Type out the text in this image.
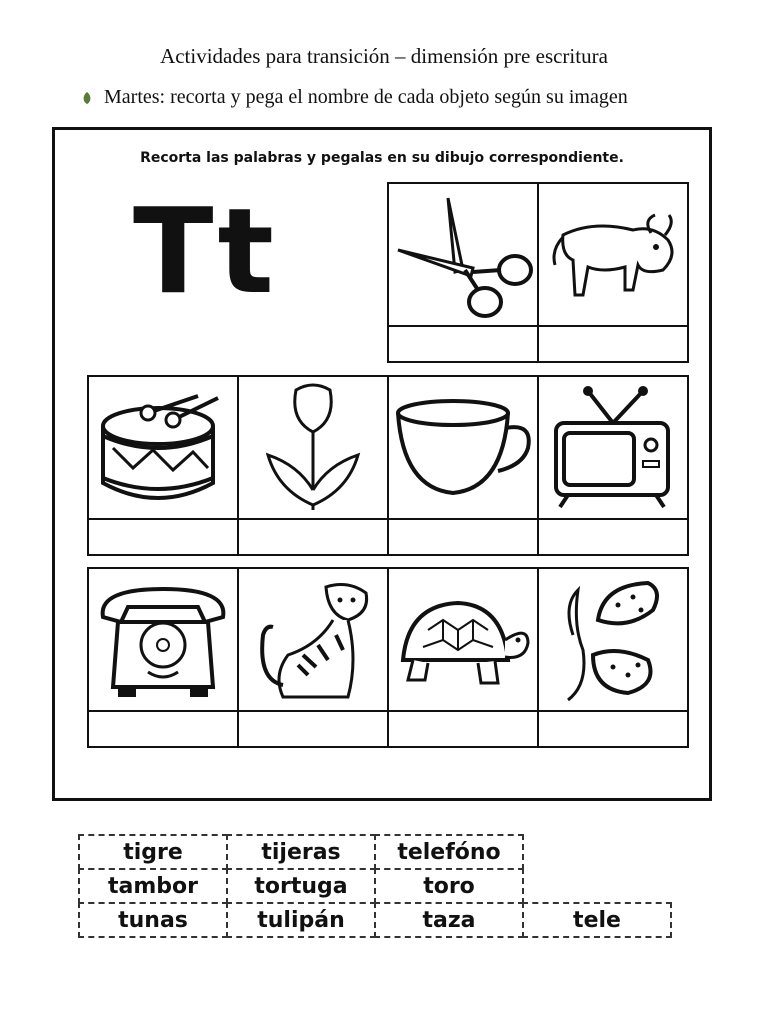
Actividades para transición – dimensión pre escritura
Martes: recorta y pega el nombre de cada objeto según su imagen
Recorta las palabras y pegalas en su dibujo correspondiente.
Tt
tigre	tijeras	telefóno
tambor	tortuga	toro
tunas	tulipán	taza	tele
